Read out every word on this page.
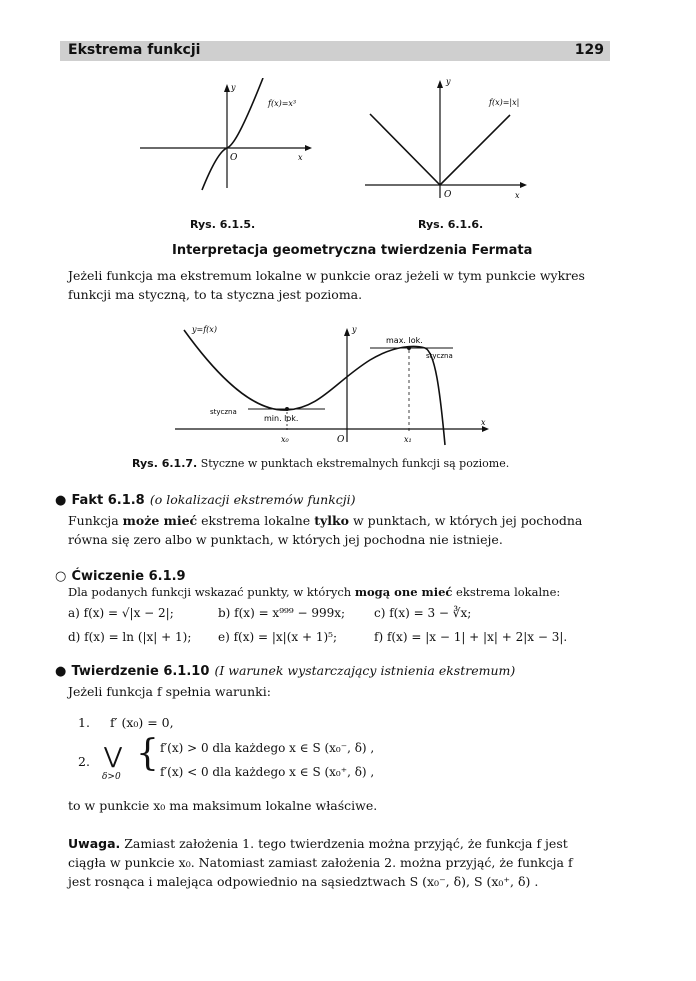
Ekstrema funkcji	129
y
x
O
f(x)=x³
Rys. 6.1.5.
y
x
O
f(x)=|x|
Rys. 6.1.6.
Interpretacja geometryczna twierdzenia Fermata
Jeżeli funkcja ma ekstremum lokalne w punkcie oraz jeżeli w tym punkcie wykres
funkcji ma styczną, to ta styczna jest pozioma.
y=f(x)	y
x
O
max. lok.
min. lok.
styczna
styczna
x₀	x₁
Rys. 6.1.7. Styczne w punktach ekstremalnych funkcji są poziome.
● Fakt 6.1.8 (o lokalizacji ekstremów funkcji)
Funkcja może mieć ekstrema lokalne tylko w punktach, w których jej pochodna
równa się zero albo w punktach, w których jej pochodna nie istnieje.
○ Ćwiczenie 6.1.9
Dla podanych funkcji wskazać punkty, w których mogą one mieć ekstrema lokalne:
a) f(x) = √|x − 2|;	b) f(x) = x⁹⁹⁹ − 999x; c) f(x) = 3 − ∛x;
d) f(x) = ln (|x| + 1); e) f(x) = |x|(x + 1)⁵;	f) f(x) = |x − 1| + |x| + 2|x − 3|.
● Twierdzenie 6.1.10 (I warunek wystarczający istnienia ekstremum)
Jeżeli funkcja f spełnia warunki:
1. f′ (x₀) = 0,
2. ⋁
δ>0
{ f′(x) > 0 dla każdego x ∈ S (x₀⁻, δ) ,
f′(x) < 0 dla każdego x ∈ S (x₀⁺, δ) ,
to w punkcie x₀ ma maksimum lokalne właściwe.
Uwaga. Zamiast założenia 1. tego twierdzenia można przyjąć, że funkcja f jest
ciągła w punkcie x₀. Natomiast zamiast założenia 2. można przyjąć, że funkcja f
jest rosnąca i malejąca odpowiednio na sąsiedztwach S (x₀⁻, δ), S (x₀⁺, δ) .
